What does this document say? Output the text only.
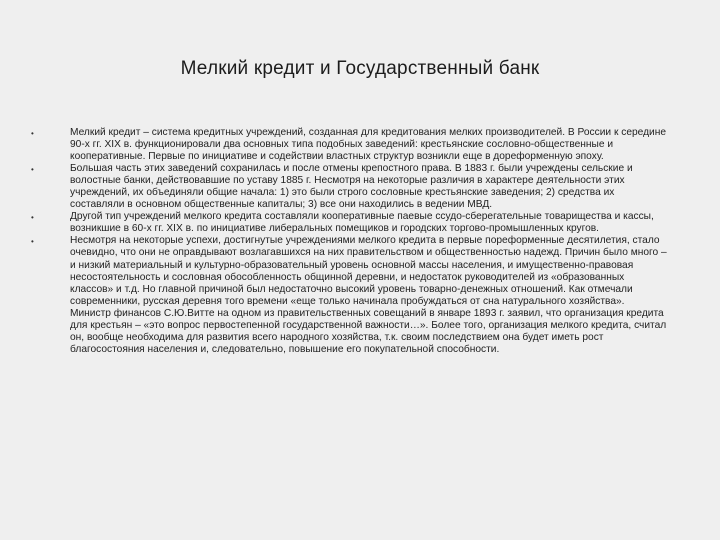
Мелкий кредит и Государственный банк
•	Мелкий кредит – система кредитных учреждений, созданная для кредитования мелких производителей. В России к середине 90-х гг. XIX в. функционировали два основных типа подобных заведений: крестьянские сословно-общественные и кооперативные. Первые по инициативе и содействии властных структур возникли еще в дореформенную эпоху.
•	Большая часть этих заведений сохранилась и после отмены крепостного права. В 1883 г. были учреждены сельские и волостные банки, действовавшие по уставу 1885 г. Несмотря на некоторые различия в характере деятельности этих учреждений, их объединяли общие начала: 1) это были строго сословные крестьянские заведения; 2) средства их составляли в основном общественные капиталы; 3) все они находились в ведении МВД.
•	Другой тип учреждений мелкого кредита составляли кооперативные паевые ссудо-сберегательные товарищества и кассы, возникшие в 60-х гг. XIX в. по инициативе либеральных помещиков и городских торгово-промышленных кругов.
•	Несмотря на некоторые успехи, достигнутые учреждениями мелкого кредита в первые пореформенные десятилетия, стало очевидно, что они не оправдывают возлагавшихся на них правительством и общественностью надежд. Причин было много – и низкий материальный и культурно-образовательный уровень основной массы населения, и имущественно-правовая несостоятельность и сословная обособленность общинной деревни, и недостаток руководителей из «образованных классов» и т.д. Но главной причиной был недостаточно высокий уровень товарно-денежных отношений. Как отмечали современники, русская деревня того времени «еще только начинала пробуждаться от сна натурального хозяйства». Министр финансов С.Ю.Витте на одном из правительственных совещаний в январе 1893 г. заявил, что организация кредита для крестьян – «это вопрос первостепенной государственной важности…». Более того, организация мелкого кредита, считал он, вообще необходима для развития всего народного хозяйства, т.к. своим последствием она будет иметь рост благосостояния населения и, следовательно, повышение его покупательной способности.
